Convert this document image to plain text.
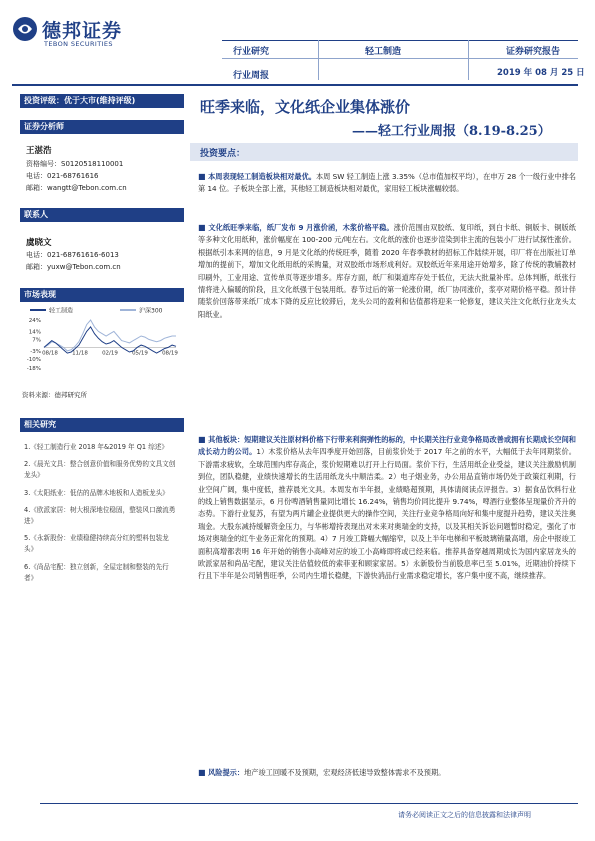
德邦证券
TEBON SECURITIES
行业研究
行业周报
轻工制造	证券研究报告
2019 年 08 月 25 日
投资评级：优于大市(维持评级)
证券分析师
王湛浩
资格编号：S0120518110001
电话：021-68761616
邮箱：wangtt@Tebon.com.cn
联系人
虞晓文
电话：021-68761616-6013
邮箱：yuxw@Tebon.com.cn
市场表现
轻工制造	沪深300
24%
14%
7%
-3%
-10%
-18%
08/18	11/18	02/19	05/19	08/19
资料来源：德邦研究所
相关研究
1.《轻工制造行业 2018 年&2019 年 Q1 综述》
2.《晨光文具：整合创意价值和服务优势的文具文创龙头》
3.《太阳纸业：低估的品牌木地板和人造板龙头》
4.《欧派家居：树大根深地位稳固，整装风口激流勇进》
5.《永新股份：业绩稳健持续高分红的塑料包装龙头》
6.《尚品宅配：独立创新，全屋定制和整装的先行者》
旺季来临，文化纸企业集体涨价
——轻工行业周报（8.19-8.25）
投资要点：
■ 本周表现轻工制造板块相对最优。本周 SW 轻工制造上涨 3.35%（总市值加权平均），在申万 28 个一级行业中排名第 14 位。子板块全部上涨，其他轻工制造板块相对最优，家用轻工板块涨幅较弱。
■ 文化纸旺季来临，纸厂发布 9 月涨价函，木浆价格平稳。涨价范围由双胶纸、复印纸，到白卡纸、铜版卡、铜版纸等多种文化用纸种，涨价幅度在 100-200 元/吨左右。文化纸的涨价也逐步渲染到非主流的包装小厂进行试探性涨价。根据纸引本来网的信息，9 月是文化纸的传统旺季，随着 2020 年春季教材的招标工作陆续开展，印厂将在出版社订单增加的提前下，增加文化纸用纸的采购量，对双胶纸市场形成利好。双胶纸近年来用途开始增多，除了传统的教辅教材印刷外，工业用途、宣传单页等逐步增多。库存方面，纸厂和渠道库存处于低位，无法大批量补库。总体判断，纸张行情将进入偏暖的阶段，且文化纸强于包装用纸。春节过后的第一轮涨价期，纸厂协同涨价，浆亭对期价格平稳。预计伴随浆价回落带来纸厂成本下降的反应比较滞后，龙头公司的盈利和估值都将迎来一轮修复，建议关注文化纸行业龙头太阳纸业。
■ 其他板块：短期建议关注原材料价格下行带来利润弹性的标的，中长期关注行业竞争格局改善或拥有长期成长空间和成长动力的公司。1）木浆价格从去年四季度开始回落，目前浆价处于 2017 年之前的水平，大幅低于去年同期浆价。下游需求疲软，全球范围内库存高企，浆价短期难以打开上行局面。浆价下行，生活用纸企业受益，建议关注激励机制到位，团队稳健，业绩快速增长的生活用纸龙头中顺洁柔。2）电子烟业务，办公用品直销市场仍处于政策红利期，行业空间广阔，集中度低，推荐晨光文具。本周发布半年报，业绩略超预期，具体请阅读点评报告。3）据食品饮料行业的线上销售数据显示，6 月份啤酒销售量同比增长 16.24%，销售均价同比提升 9.74%，啤酒行业整体呈现量价齐升的态势。下游行业复苏，有望为两片罐企业提供更大的操作空间，关注行业竞争格局向好和集中度提升趋势，建议关注奥瑞金。大股东减持缓解资金压力，与华彬增持表现出对未来对奥瑞金的支持，以及其相关诉讼问题暂时稳定，强化了市场对奥瑞金的红牛业务正常化的预期。4）7 月竣工降幅大幅缩窄，以及上半年电梯和平板玻璃销量高增，房企中报竣工面积高增都表明 16 年开始的销售小高峰对应的竣工小高峰即将或已经来临。推荐具备穿越周期成长为国内家居龙头的欧派家居和尚品宅配，建议关注估值较低的索菲亚和顾家家居。5）永新股份当前股息率已至 5.01%，近期油价持续下行且下半年是公司销售旺季，公司内生增长稳健，下游快消品行业需求稳定增长，客户集中度不高，继续推荐。
■ 风险提示：地产竣工回暖不及预期，宏观经济低速导致整体需求不及预期。
请务必阅读正文之后的信息披露和法律声明
